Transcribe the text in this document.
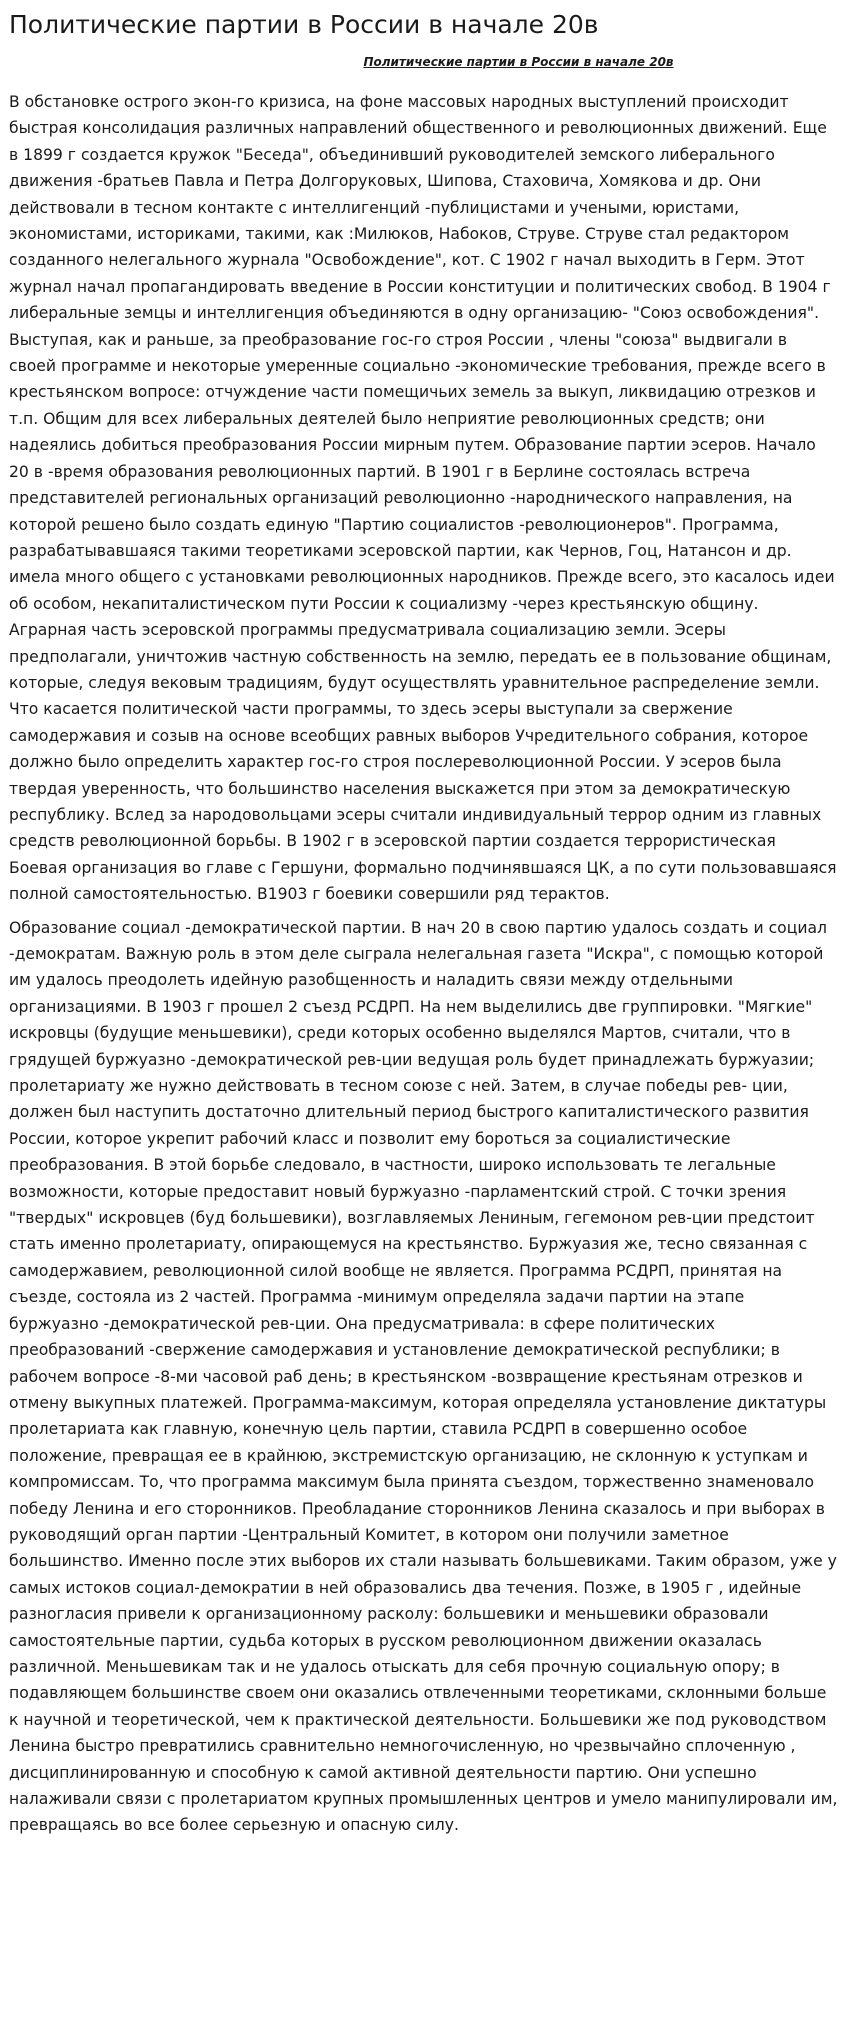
Политические партии в России в начале 20в
Политические партии в России в начале 20в

В обстановке острого экон-го кризиса, на фоне массовых народных выступлений происходит быстрая консолидация различных направлений общественного и революционных движений. Еще в 1899 г создается кружок "Беседа", объединивший руководителей земского либерального движения -братьев Павла и Петра Долгоруковых, Шипова, Стаховича, Хомякова и др. Они действовали в тесном контакте с интеллигенций -публицистами и учеными, юристами, экономистами, историками, такими, как :Милюков, Набоков, Струве. Струве стал редактором созданного нелегального журнала "Освобождение", кот. С 1902 г начал выходить в Герм. Этот журнал начал пропагандировать введение в России конституции и политических свобод. В 1904 г либеральные земцы и интеллигенция объединяются в одну организацию- "Союз освобождения". Выступая, как и раньше, за преобразование гос-го строя России , члены "союза" выдвигали в своей программе и некоторые умеренные социально -экономические требования, прежде всего в крестьянском вопросе: отчуждение части помещичьих земель за выкуп, ликвидацию отрезков и т.п. Общим для всех либеральных деятелей было неприятие революционных средств; они надеялись добиться преобразования России мирным путем. Образование партии эсеров. Начало 20 в -время образования революционных партий. В 1901 г в Берлине состоялась встреча представителей региональных организаций революционно -народнического направления, на которой решено было создать единую "Партию социалистов -революционеров". Программа, разрабатывавшаяся такими теоретиками эсеровской партии, как Чернов, Гоц, Натансон и др. имела много общего с установками революционных народников. Прежде всего, это касалось идеи об особом, некапиталистическом пути России к социализму -через крестьянскую общину. Аграрная часть эсеровской программы предусматривала социализацию земли. Эсеры предполагали, уничтожив частную собственность на землю, передать ее в пользование общинам, которые, следуя вековым традициям, будут осуществлять уравнительное распределение земли. Что касается политической части программы, то здесь эсеры выступали за свержение самодержавия и созыв на основе всеобщих равных выборов Учредительного собрания, которое должно было определить характер гос-го строя послереволюционной России. У эсеров была твердая уверенность, что большинство населения выскажется при этом за демократическую республику. Вслед за народовольцами эсеры считали индивидуальный террор одним из главных средств революционной борьбы. В 1902 г в эсеровской партии создается террористическая Боевая организация во главе с Гершуни, формально подчинявшаяся ЦК, а по сути пользовавшаяся полной самостоятельностью. В1903 г боевики совершили ряд терактов.

Образование социал -демократической партии. В нач 20 в свою партию удалось создать и социал -демократам. Важную роль в этом деле сыграла нелегальная газета "Искра", с помощью которой им удалось преодолеть идейную разобщенность и наладить связи между отдельными организациями. В 1903 г прошел 2 съезд РСДРП. На нем выделились две группировки. "Мягкие" искровцы (будущие меньшевики), среди которых особенно выделялся Мартов, считали, что в грядущей буржуазно -демократической рев-ции ведущая роль будет принадлежать буржуазии; пролетариату же нужно действовать в тесном союзе с ней. Затем, в случае победы рев- ции, должен был наступить достаточно длительный период быстрого капиталистического развития России, которое укрепит рабочий класс и позволит ему бороться за социалистические преобразования. В этой борьбе следовало, в частности, широко использовать те легальные возможности, которые предоставит новый буржуазно -парламентский строй. С точки зрения "твердых" искровцев (буд большевики), возглавляемых Лениным, гегемоном рев-ции предстоит стать именно пролетариату, опирающемуся на крестьянство. Буржуазия же, тесно связанная с самодержавием, революционной силой вообще не является. Программа РСДРП, принятая на съезде, состояла из 2 частей. Программа -минимум определяла задачи партии на этапе буржуазно -демократической рев-ции. Она предусматривала: в сфере политических преобразований -свержение самодержавия и установление демократической республики; в рабочем вопросе -8-ми часовой раб день; в крестьянском -возвращение крестьянам отрезков и отмену выкупных платежей. Программа-максимум, которая определяла установление диктатуры пролетариата как главную, конечную цель партии, ставила РСДРП в совершенно особое положение, превращая ее в крайнюю, экстремистскую организацию, не склонную к уступкам и компромиссам. То, что программа максимум была принята съездом, торжественно знаменовало победу Ленина и его сторонников. Преобладание сторонников Ленина сказалось и при выборах в руководящий орган партии -Центральный Комитет, в котором они получили заметное большинство. Именно после этих выборов их стали называть большевиками. Таким образом, уже у самых истоков социал-демократии в ней образовались два течения. Позже, в 1905 г , идейные разногласия привели к организационному расколу: большевики и меньшевики образовали самостоятельные партии, судьба которых в русском революционном движении оказалась различной. Меньшевикам так и не удалось отыскать для себя прочную социальную опору; в подавляющем большинстве своем они оказались отвлеченными теоретиками, склонными больше к научной и теоретической, чем к практической деятельности. Большевики же под руководством Ленина быстро превратились сравнительно немногочисленную, но чрезвычайно сплоченную , дисциплинированную и способную к самой активной деятельности партию. Они успешно налаживали связи с пролетариатом крупных промышленных центров и умело манипулировали им, превращаясь во все более серьезную и опасную силу.
